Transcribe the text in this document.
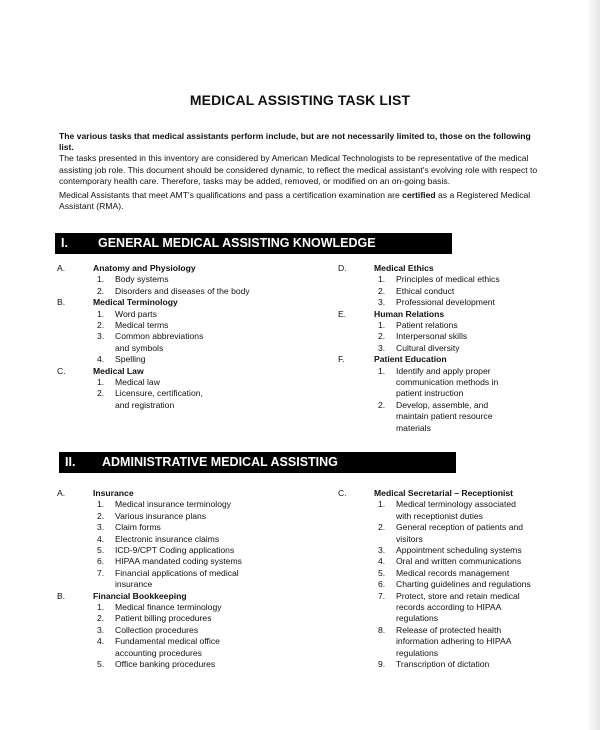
MEDICAL ASSISTING TASK LIST
The various tasks that medical assistants perform include, but are not necessarily limited to, those on the following list.
The tasks presented in this inventory are considered by American Medical Technologists to be representative of the medical assisting job role. This document should be considered dynamic, to reflect the medical assistant's evolving role with respect to contemporary health care. Therefore, tasks may be added, removed, or modified on an on-going basis.
Medical Assistants that meet AMT's qualifications and pass a certification examination are certified as a Registered Medical Assistant (RMA).
I. GENERAL MEDICAL ASSISTING KNOWLEDGE
A.	Anatomy and Physiology
1. Body systems
2. Disorders and diseases of the body
B.	Medical Terminology
1. Word parts
2. Medical terms
3. Common abbreviations and symbols
4. Spelling
C.	Medical Law
1. Medical law
2. Licensure, certification, and registration
D.	Medical Ethics
1. Principles of medical ethics
2. Ethical conduct
3. Professional development
E.	Human Relations
1. Patient relations
2. Interpersonal skills
3. Cultural diversity
F.	Patient Education
1. Identify and apply proper communication methods in patient instruction
2. Develop, assemble, and maintain patient resource materials
II. ADMINISTRATIVE MEDICAL ASSISTING
A.	Insurance
1. Medical insurance terminology
2. Various insurance plans
3. Claim forms
4. Electronic insurance claims
5. ICD-9/CPT Coding applications
6. HIPAA mandated coding systems
7. Financial applications of medical insurance
B.	Financial Bookkeeping
1. Medical finance terminology
2. Patient billing procedures
3. Collection procedures
4. Fundamental medical office accounting procedures
5. Office banking procedures
C.	Medical Secretarial – Receptionist
1. Medical terminology associated with receptionist duties
2. General reception of patients and visitors
3. Appointment scheduling systems
4. Oral and written communications
5. Medical records management
6. Charting guidelines and regulations
7. Protect, store and retain medical records according to HIPAA regulations
8. Release of protected health information adhering to HIPAA regulations
9. Transcription of dictation
